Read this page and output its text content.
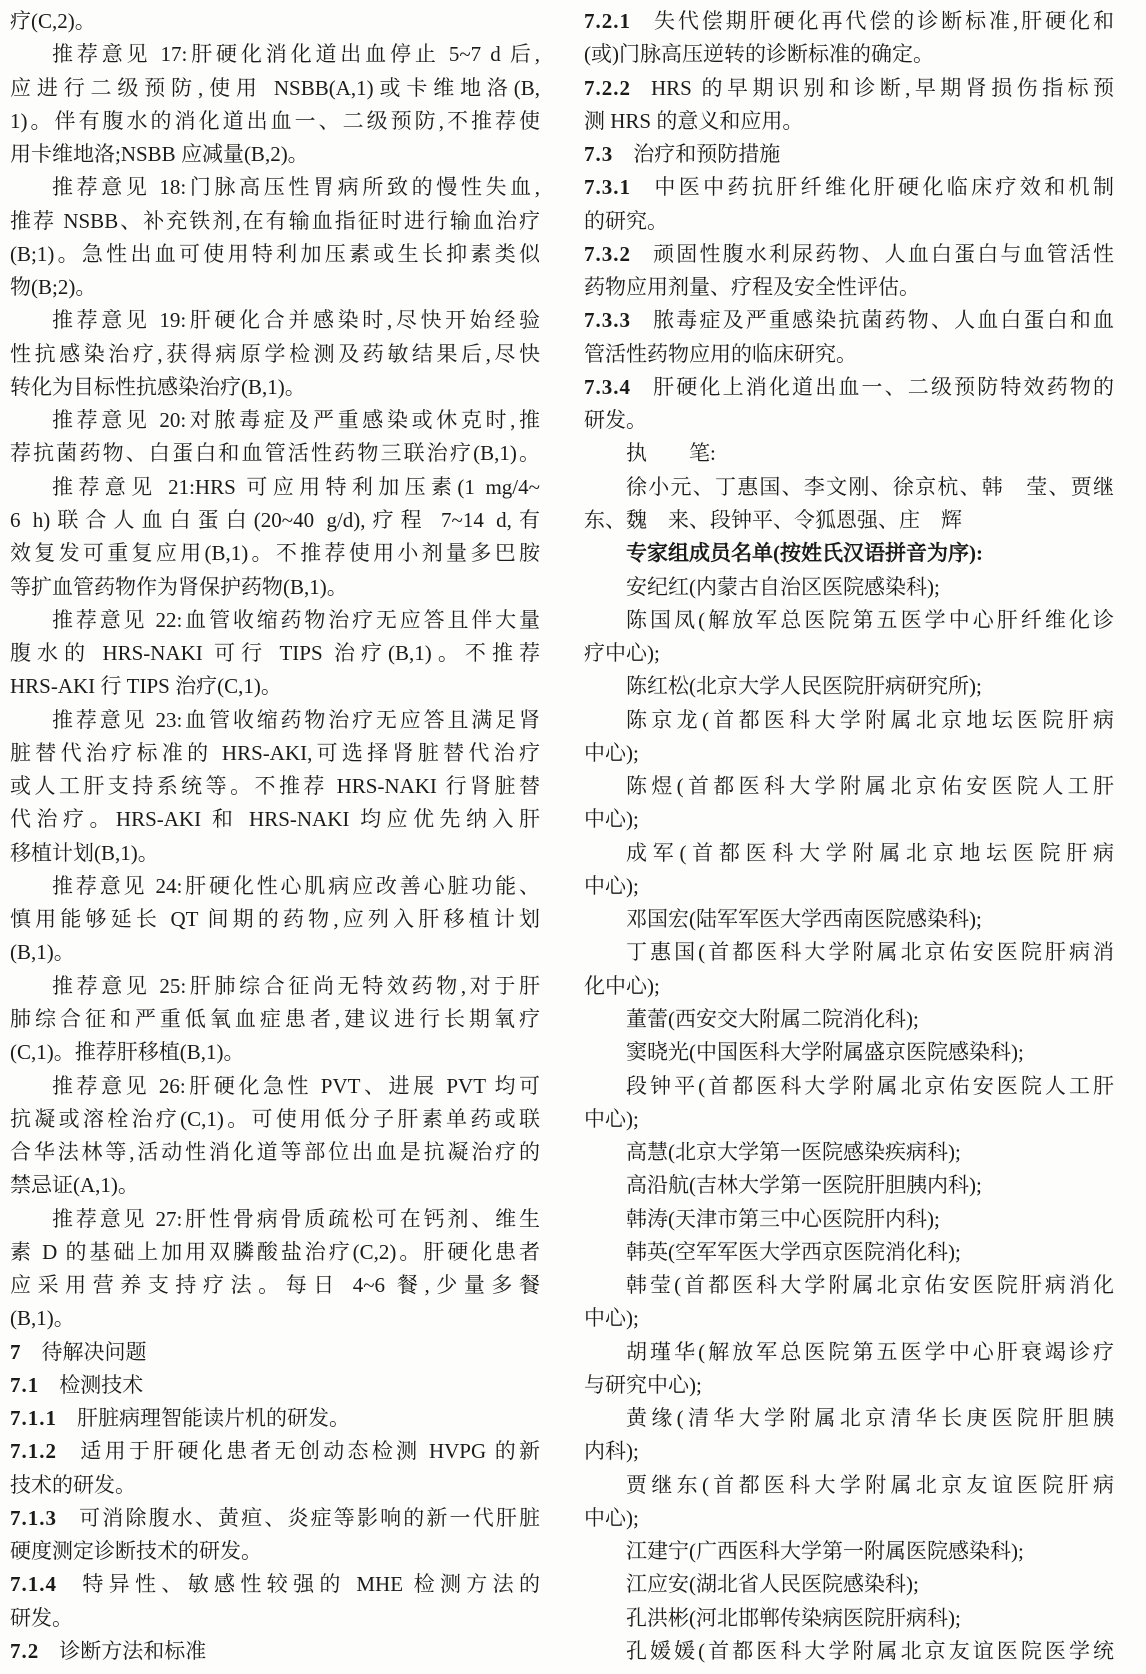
疗(C,2)。
推荐意见 17:肝硬化消化道出血停止 5~7 d 后,
应进行二级预防,使用 NSBB(A,1)或卡维地洛(B,
1)。伴有腹水的消化道出血一、二级预防,不推荐使
用卡维地洛;NSBB 应减量(B,2)。
推荐意见 18:门脉高压性胃病所致的慢性失血,
推荐 NSBB、补充铁剂,在有输血指征时进行输血治疗
(B;1)。急性出血可使用特利加压素或生长抑素类似
物(B;2)。
推荐意见 19:肝硬化合并感染时,尽快开始经验
性抗感染治疗,获得病原学检测及药敏结果后,尽快
转化为目标性抗感染治疗(B,1)。
推荐意见 20:对脓毒症及严重感染或休克时,推
荐抗菌药物、白蛋白和血管活性药物三联治疗(B,1)。
推荐意见 21:HRS 可应用特利加压素(1 mg/4~
6 h)联合人血白蛋白(20~40 g/d),疗程 7~14 d,有
效复发可重复应用(B,1)。不推荐使用小剂量多巴胺
等扩血管药物作为肾保护药物(B,1)。
推荐意见 22:血管收缩药物治疗无应答且伴大量
腹水的 HRS-NAKI 可行 TIPS 治疗(B,1)。不推荐
HRS-AKI 行 TIPS 治疗(C,1)。
推荐意见 23:血管收缩药物治疗无应答且满足肾
脏替代治疗标准的 HRS-AKI,可选择肾脏替代治疗
或人工肝支持系统等。不推荐 HRS-NAKI 行肾脏替
代治疗。HRS-AKI 和 HRS-NAKI 均应优先纳入肝
移植计划(B,1)。
推荐意见 24:肝硬化性心肌病应改善心脏功能、
慎用能够延长 QT 间期的药物,应列入肝移植计划
(B,1)。
推荐意见 25:肝肺综合征尚无特效药物,对于肝
肺综合征和严重低氧血症患者,建议进行长期氧疗
(C,1)。推荐肝移植(B,1)。
推荐意见 26:肝硬化急性 PVT、进展 PVT 均可
抗凝或溶栓治疗(C,1)。可使用低分子肝素单药或联
合华法林等,活动性消化道等部位出血是抗凝治疗的
禁忌证(A,1)。
推荐意见 27:肝性骨病骨质疏松可在钙剂、维生
素 D 的基础上加用双膦酸盐治疗(C,2)。肝硬化患者
应采用营养支持疗法。每日 4~6 餐,少量多餐
(B,1)。
7 待解决问题
7.1 检测技术
7.1.1 肝脏病理智能读片机的研发。
7.1.2 适用于肝硬化患者无创动态检测 HVPG 的新
技术的研发。
7.1.3 可消除腹水、黄疸、炎症等影响的新一代肝脏
硬度测定诊断技术的研发。
7.1.4 特异性、敏感性较强的 MHE 检测方法的
研发。
7.2 诊断方法和标准
7.2.1 失代偿期肝硬化再代偿的诊断标准,肝硬化和
(或)门脉高压逆转的诊断标准的确定。
7.2.2 HRS 的早期识别和诊断,早期肾损伤指标预
测 HRS 的意义和应用。
7.3 治疗和预防措施
7.3.1 中医中药抗肝纤维化肝硬化临床疗效和机制
的研究。
7.3.2 顽固性腹水利尿药物、人血白蛋白与血管活性
药物应用剂量、疗程及安全性评估。
7.3.3 脓毒症及严重感染抗菌药物、人血白蛋白和血
管活性药物应用的临床研究。
7.3.4 肝硬化上消化道出血一、二级预防特效药物的
研发。
执　　笔:
徐小元、丁惠国、李文刚、徐京杭、韩　莹、贾继
东、魏　来、段钟平、令狐恩强、庄　辉
专家组成员名单(按姓氏汉语拼音为序):
安纪红(内蒙古自治区医院感染科);
陈国凤(解放军总医院第五医学中心肝纤维化诊
疗中心);
陈红松(北京大学人民医院肝病研究所);
陈京龙(首都医科大学附属北京地坛医院肝病
中心);
陈煜(首都医科大学附属北京佑安医院人工肝
中心);
成军(首都医科大学附属北京地坛医院肝病
中心);
邓国宏(陆军军医大学西南医院感染科);
丁惠国(首都医科大学附属北京佑安医院肝病消
化中心);
董蕾(西安交大附属二院消化科);
窦晓光(中国医科大学附属盛京医院感染科);
段钟平(首都医科大学附属北京佑安医院人工肝
中心);
高慧(北京大学第一医院感染疾病科);
高沿航(吉林大学第一医院肝胆胰内科);
韩涛(天津市第三中心医院肝内科);
韩英(空军军医大学西京医院消化科);
韩莹(首都医科大学附属北京佑安医院肝病消化
中心);
胡瑾华(解放军总医院第五医学中心肝衰竭诊疗
与研究中心);
黄缘(清华大学附属北京清华长庚医院肝胆胰
内科);
贾继东(首都医科大学附属北京友谊医院肝病
中心);
江建宁(广西医科大学第一附属医院感染科);
江应安(湖北省人民医院感染科);
孔洪彬(河北邯郸传染病医院肝病科);
孔媛媛(首都医科大学附属北京友谊医院医学统
